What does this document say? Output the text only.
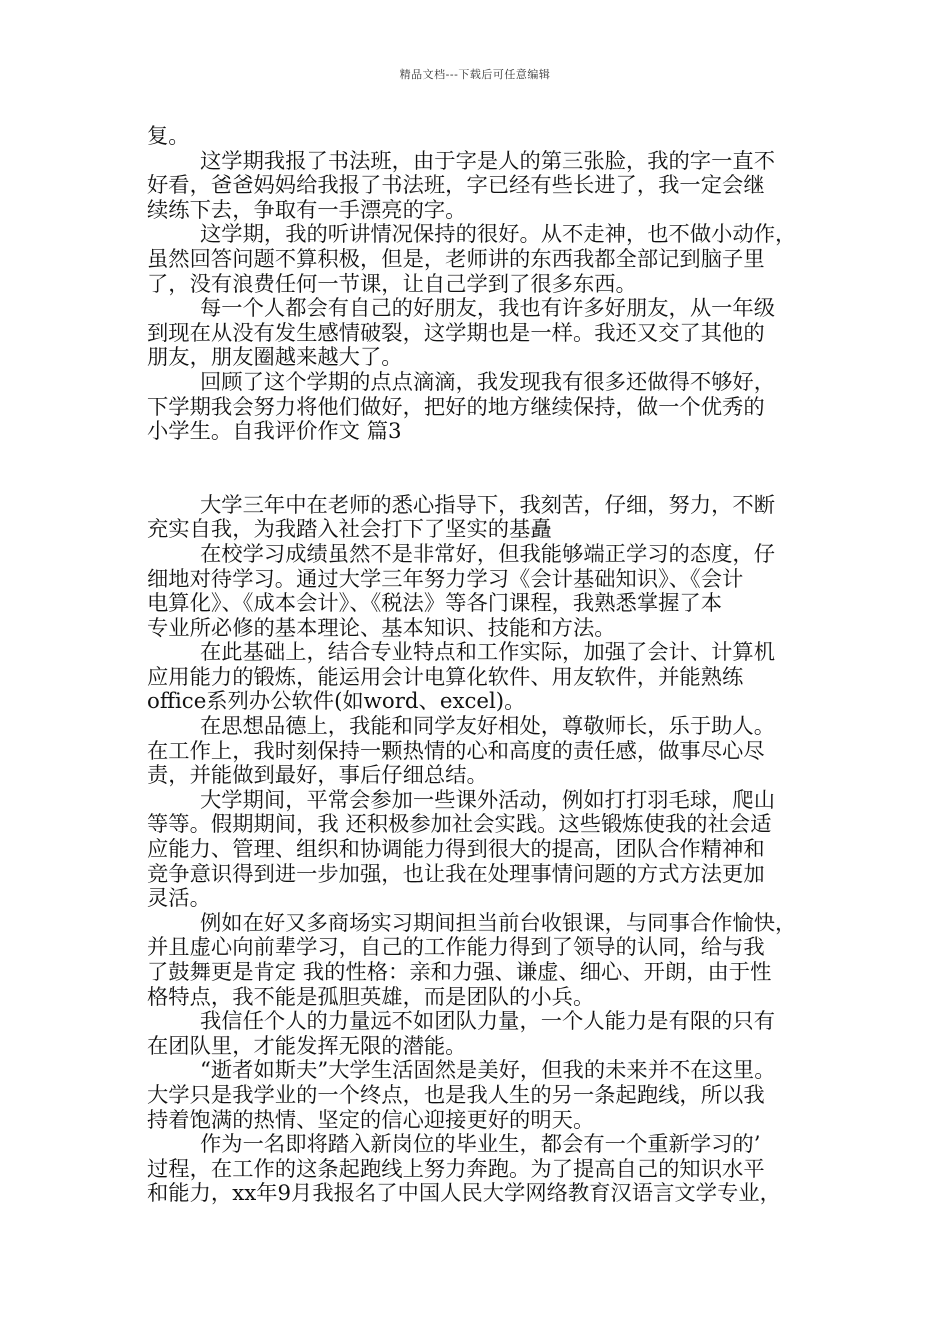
精品文档---下载后可任意编辑
复。
这学期我报了书法班，由于字是人的第三张脸，我的字一直不
好看，爸爸妈妈给我报了书法班，字已经有些长进了，我一定会继
续练下去，争取有一手漂亮的字。
这学期，我的听讲情况保持的很好。从不走神，也不做小动作，
虽然回答问题不算积极，但是，老师讲的东西我都全部记到脑子里
了，没有浪费任何一节课，让自己学到了很多东西。
每一个人都会有自己的好朋友，我也有许多好朋友，从一年级
到现在从没有发生感情破裂，这学期也是一样。我还又交了其他的
朋友，朋友圈越来越大了。
回顾了这个学期的点点滴滴，我发现我有很多还做得不够好，
下学期我会努力将他们做好，把好的地方继续保持，做一个优秀的
小学生。自我评价作文 篇3
大学三年中在老师的悉心指导下，我刻苦，仔细，努力，不断
充实自我，为我踏入社会打下了坚实的基矗
在校学习成绩虽然不是非常好，但我能够端正学习的态度，仔
细地对待学习。通过大学三年努力学习《会计基础知识》、《会计
电算化》、《成本会计》、《税法》等各门课程，我熟悉掌握了本
专业所必修的基本理论、基本知识、技能和方法。
在此基础上，结合专业特点和工作实际，加强了会计、计算机
应用能力的锻炼，能运用会计电算化软件、用友软件，并能熟练
office系列办公软件(如word、excel)。
在思想品德上，我能和同学友好相处，尊敬师长，乐于助人。
在工作上，我时刻保持一颗热情的心和高度的责任感，做事尽心尽
责，并能做到最好，事后仔细总结。
大学期间，平常会参加一些课外活动，例如打打羽毛球，爬山
等等。假期期间，我 还积极参加社会实践。这些锻炼使我的社会适
应能力、管理、组织和协调能力得到很大的提高，团队合作精神和
竞争意识得到进一步加强，也让我在处理事情问题的方式方法更加
灵活。
例如在好又多商场实习期间担当前台收银课，与同事合作愉快，
并且虚心向前辈学习，自己的工作能力得到了领导的认同，给与我
了鼓舞更是肯定 我的性格：亲和力强、谦虚、细心、开朗，由于性
格特点，我不能是孤胆英雄，而是团队的小兵。
我信任个人的力量远不如团队力量，一个人能力是有限的只有
在团队里，才能发挥无限的潜能。
“逝者如斯夫”大学生活固然是美好，但我的未来并不在这里。
大学只是我学业的一个终点，也是我人生的另一条起跑线，所以我
持着饱满的热情、坚定的信心迎接更好的明天。
作为一名即将踏入新岗位的毕业生，都会有一个重新学习的’
过程，在工作的这条起跑线上努力奔跑。为了提高自己的知识水平
和能力，xx年9月我报名了中国人民大学网络教育汉语言文学专业，
